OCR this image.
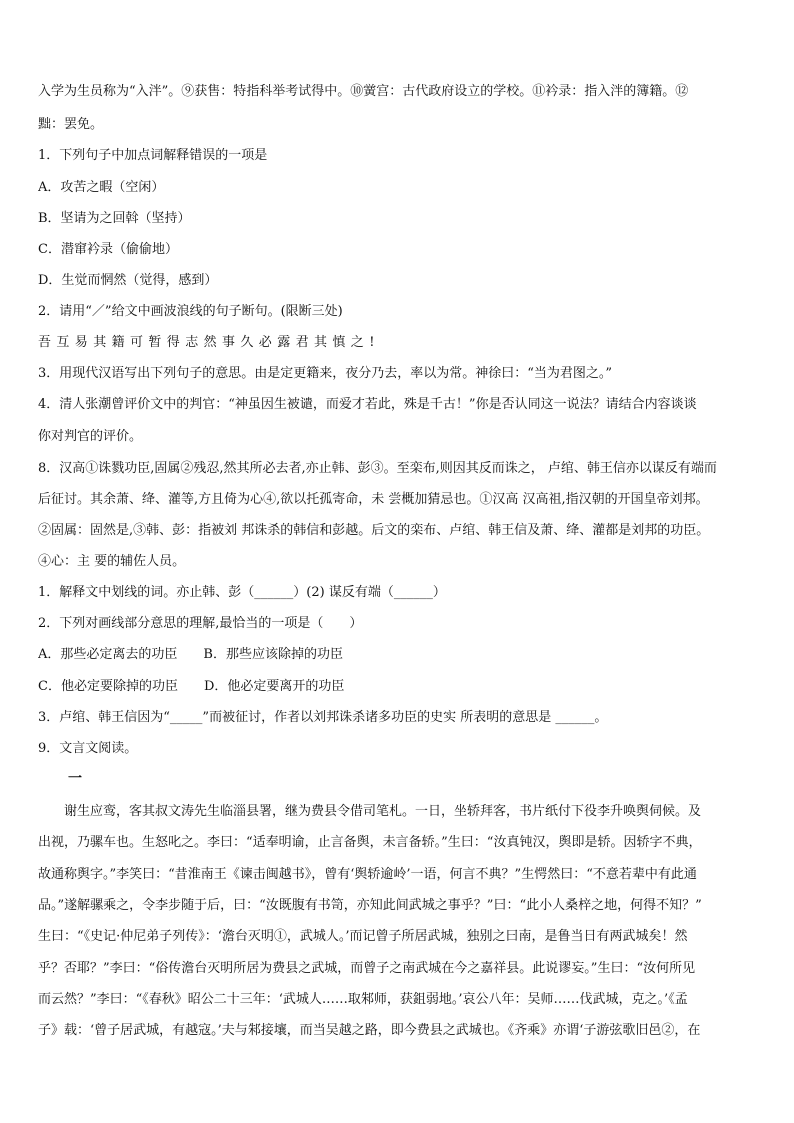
入学为生员称为“入泮”。⑨获售：特指科举考试得中。⑩黉宫：古代政府设立的学校。⑪衿录：指入泮的簿籍。⑫
黜：罢免。
1．下列句子中加点词解释错误的一项是
A．攻苦之暇（空闲）
B．坚请为之回斡（坚持）
C．潜窜衿录（偷偷地）
D．生觉而惘然（觉得，感到）
2．请用“／”给文中画波浪线的句子断句。(限断三处)
吾互易其籍可暂得志然事久必露君其慎之!
3．用现代汉语写出下列句子的意思。由是定更籍来，夜分乃去，率以为常。神徐曰：“当为君图之。”
4．清人张潮曾评价文中的判官：“神虽因生被谴，而爱才若此，殊是千古！”你是否认同这一说法？请结合内容谈谈
你对判官的评价。
8．汉高①诛戮功臣,固属②残忍,然其所必去者,亦止韩、彭③。至栾布,则因其反而诛之， 卢绾、韩王信亦以谋反有端而
后征讨。其余萧、绛、灌等,方且倚为心④,欲以托孤寄命，未 尝概加猜忌也。①汉高 汉高祖,指汉朝的开国皇帝刘邦。
②固属：固然是,③韩、彭：指被刘 邦诛杀的韩信和彭越。后文的栾布、卢绾、韩王信及萧、绛、灌都是刘邦的功臣。
④心：主 要的辅佐人员。
1．解释文中划线的词。亦止韩、彭（______）(2) 谋反有端（______）
2．下列对画线部分意思的理解,最恰当的一项是（　　）
A．那些必定离去的功臣　　B．那些应该除掉的功臣
C．他必定要除掉的功臣　　D．他必定要离开的功臣
3．卢绾、韩王信因为“_____”而被征讨，作者以刘邦诛杀诸多功臣的史实 所表明的意思是 ______。
9．文言文阅读。
一
谢生应鸾，客其叔文涛先生临淄县署，继为费县令借司笔札。一日，坐轿拜客，书片纸付下役李升唤舆伺候。及
出视，乃骡车也。生怒叱之。李曰：“适奉明谕，止言备舆，未言备轿。”生曰：“汝真钝汉，舆即是轿。因轿字不典，
故通称舆字。”李笑曰：“昔淮南王《谏击闽越书》，曾有‘舆轿逾岭’一语，何言不典？”生愕然曰：“不意若辈中有此通
品。”遂解骡乘之，令李步随于后，曰：“汝既腹有书笥，亦知此间武城之事乎？”曰：“此小人桑梓之地，何得不知？”
生曰：“《史记·仲尼弟子列传》：‘澹台灭明①，武城人。’而记曾子所居武城，独别之曰南，是鲁当日有两武城矣！然
乎？否耶？”李曰：“俗传澹台灭明所居为费县之武城，而曾子之南武城在今之嘉祥县。此说谬妄。”生曰：“汝何所见
而云然？”李曰：“《春秋》昭公二十三年：‘武城人……取邾师，获鉏弱地。’哀公八年：吴师……伐武城，克之。’《孟
子》载：‘曾子居武城，有越寇。’夫与邾接壤，而当吴越之路，即今费县之武城也。《齐乘》亦谓‘子游弦歌旧邑②，在
